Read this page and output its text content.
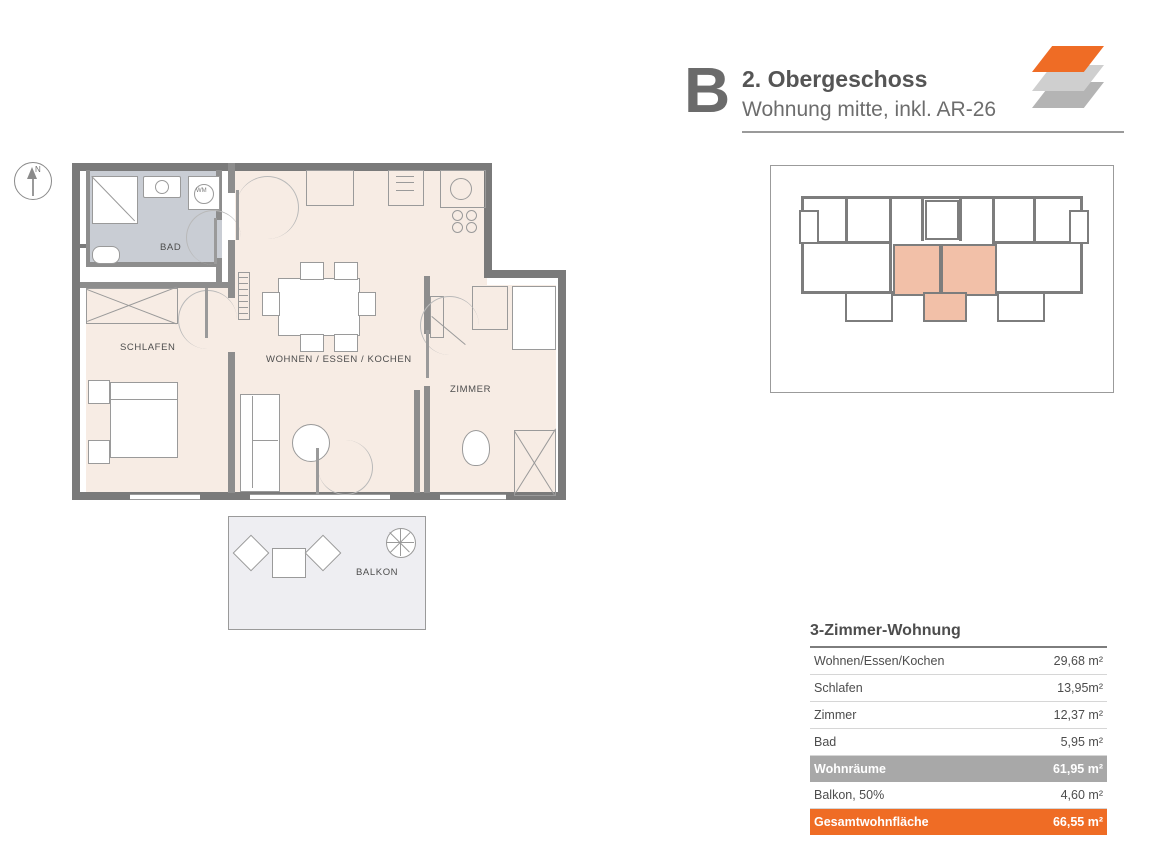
B 2. Obergeschoss
Wohnung mitte, inkl. AR-26
N
BAD
WM
SCHLAFEN
WOHNEN / ESSEN / KOCHEN
ZIMMER
BALKON
3-Zimmer-Wohnung
Wohnen/Essen/Kochen	29,68 m²
Schlafen	13,95m²
Zimmer	12,37 m²
Bad	5,95 m²
Wohnräume	61,95 m²
Balkon, 50%	4,60 m²
Gesamtwohnfläche	66,55 m²
